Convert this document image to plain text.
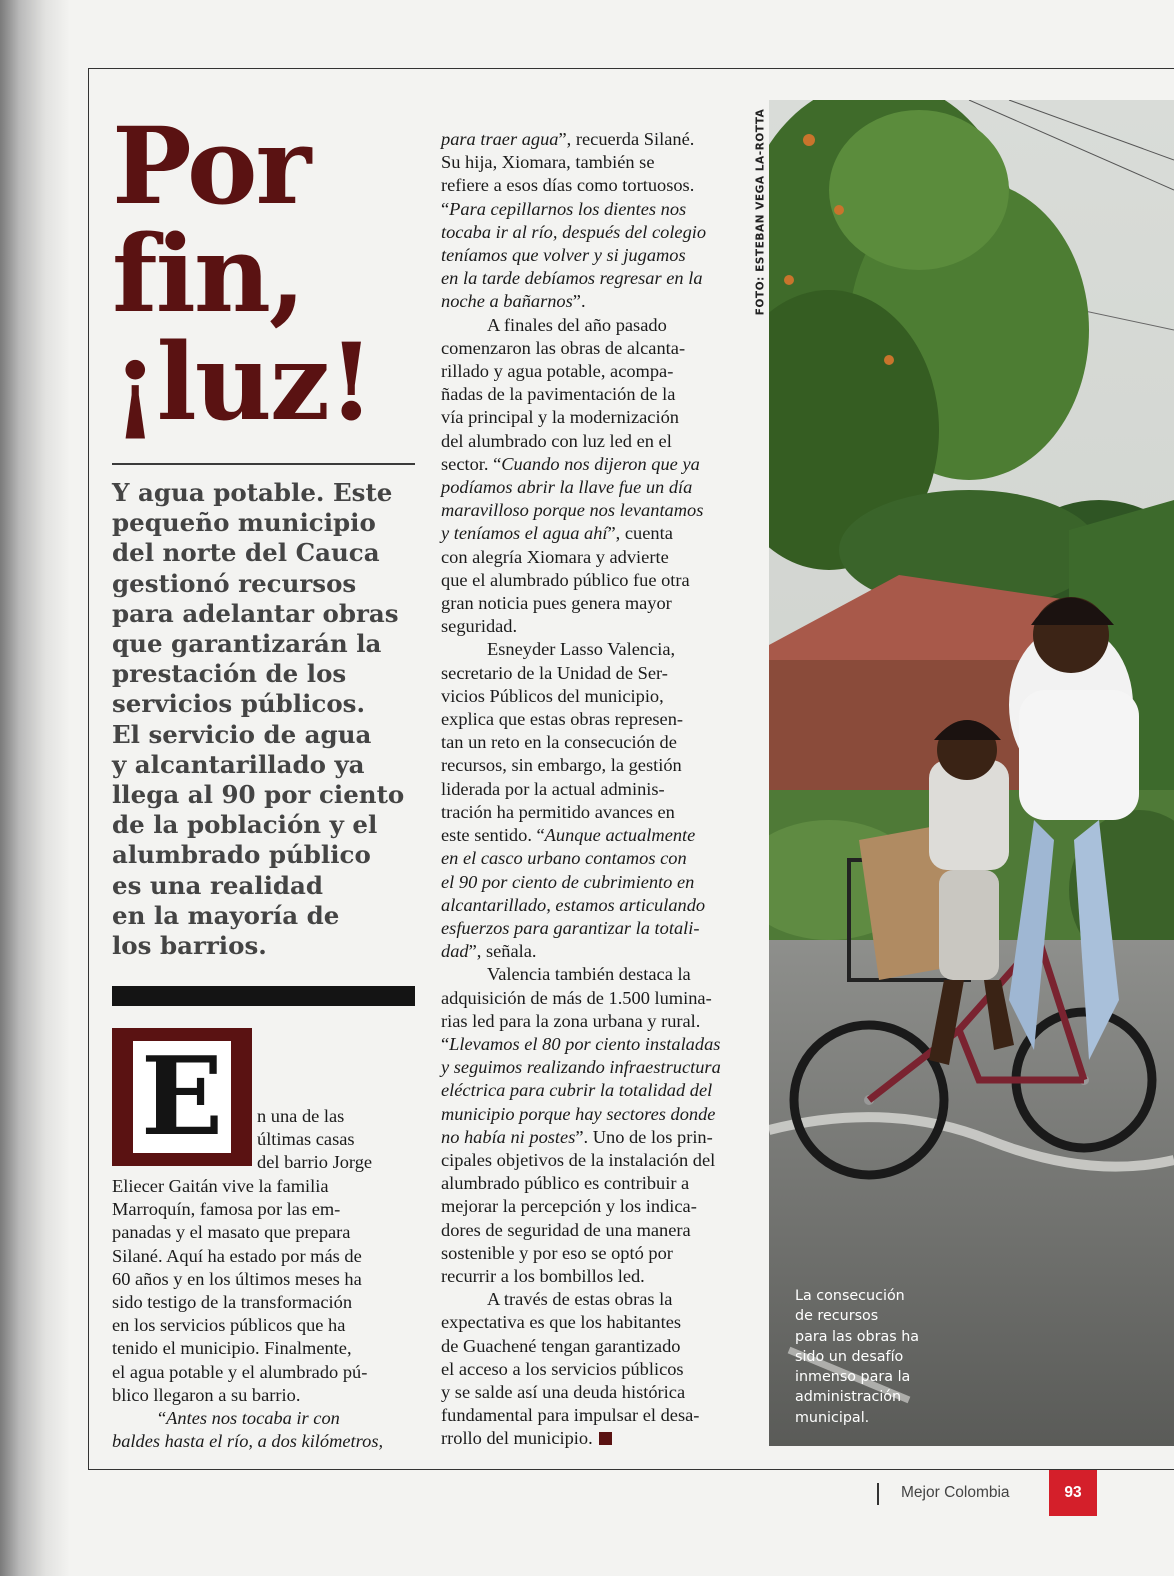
Por
fin,
¡luz!
Y agua potable. Este
pequeño municipio
del norte del Cauca
gestionó recursos
para adelantar obras
que garantizarán la
prestación de los
servicios públicos.
El servicio de agua
y alcantarillado ya
llega al 90 por ciento
de la población y el
alumbrado público
es una realidad
en la mayoría de
los barrios.
E	n una de las
últimas casas
del barrio Jorge
Eliecer Gaitán vive la familia
Marroquín, famosa por las em-
panadas y el masato que prepara
Silané. Aquí ha estado por más de
60 años y en los últimos meses ha
sido testigo de la transformación
en los servicios públicos que ha
tenido el municipio. Finalmente,
el agua potable y el alumbrado pú-
blico llegaron a su barrio.
“Antes nos tocaba ir con
baldes hasta el río, a dos kilómetros,
para traer agua”, recuerda Silané.
Su hija, Xiomara, también se
refiere a esos días como tortuosos.
“Para cepillarnos los dientes nos
tocaba ir al río, después del colegio
teníamos que volver y si jugamos
en la tarde debíamos regresar en la
noche a bañarnos”.
A finales del año pasado
comenzaron las obras de alcanta-
rillado y agua potable, acompa-
ñadas de la pavimentación de la
vía principal y la modernización
del alumbrado con luz led en el
sector. “Cuando nos dijeron que ya
podíamos abrir la llave fue un día
maravilloso porque nos levantamos
y teníamos el agua ahí”, cuenta
con alegría Xiomara y advierte
que el alumbrado público fue otra
gran noticia pues genera mayor
seguridad.
Esneyder Lasso Valencia,
secretario de la Unidad de Ser-
vicios Públicos del municipio,
explica que estas obras represen-
tan un reto en la consecución de
recursos, sin embargo, la gestión
liderada por la actual adminis-
tración ha permitido avances en
este sentido. “Aunque actualmente
en el casco urbano contamos con
el 90 por ciento de cubrimiento en
alcantarillado, estamos articulando
esfuerzos para garantizar la totali-
dad”, señala.
Valencia también destaca la
adquisición de más de 1.500 lumina-
rias led para la zona urbana y rural.
“Llevamos el 80 por ciento instaladas
y seguimos realizando infraestructura
eléctrica para cubrir la totalidad del
municipio porque hay sectores donde
no había ni postes”. Uno de los prin-
cipales objetivos de la instalación del
alumbrado público es contribuir a
mejorar la percepción y los indica-
dores de seguridad de una manera
sostenible y por eso se optó por
recurrir a los bombillos led.
A través de estas obras la
expectativa es que los habitantes
de Guachené tengan garantizado
el acceso a los servicios públicos
y se salde así una deuda histórica
fundamental para impulsar el desa-
rrollo del municipio.
FOTO: ESTEBAN VEGA LA-ROTTA
La consecución
de recursos
para las obras ha
sido un desafío
inmenso para la
administración
municipal.
Mejor Colombia	93
